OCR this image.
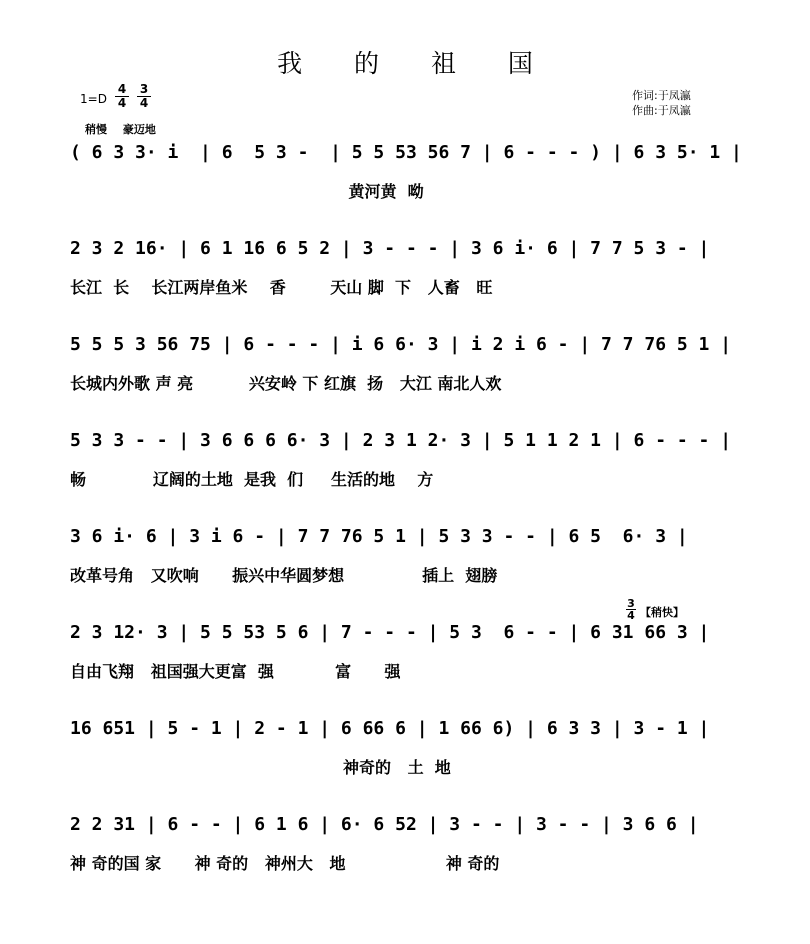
我 的 祖 国
作词:于凤瀛
作曲:于凤瀛
$1=D \frac{4}{4} \frac{3}{4}$
稍慢 豪迈地
( 6 3 3· i  | 6  5 3 -  | 5 5 53 56 7 | 6 - - - ) | 6 3 5· 1 |
黄河黄  呦
2 3 2 16· | 6 1 16 6 5 2 | 3 - - - | 3 6 i· 6 | 7 7 5 3 - |
长江  长    长江两岸鱼米    香        天山 脚  下   人畜   旺
5 5 5 3 56 75 | 6 - - - | i 6 6· 3 | i 2 i 6 - | 7 7 76 5 1 |
长城内外歌 声 亮          兴安岭 下 红旗  扬   大江 南北人欢
5 3 3 - - | 3 6 6 6 6· 3 | 2 3 1 2· 3 | 5 1 1 2 1 | 6 - - - |
畅            辽阔的土地  是我  们     生活的地    方
3 6 i· 6 | 3 i 6 - | 7 7 76 5 1 | 5 3 3 - - | 6 5  6· 3 |
改革号角   又吹响      振兴中华圆梦想              插上  翅膀
2 3 12· 3 | 5 5 53 5 6 | 7 - - - | 5 3  6 - - | 6 31 66 3 |
自由飞翔   祖国强大更富  强           富      强
16 651 | 5 - 1 | 2 - 1 | 6 66 6 | 1 66 6) | 6 3 3 | 3 - 1 |
神奇的   土  地
2 2 31 | 6 - - | 6 1 6 | 6· 6 52 | 3 - - | 3 - - | 3 6 6 |
神 奇的国 家      神 奇的   神州大   地                  神 奇的
3
4 【稍快】
